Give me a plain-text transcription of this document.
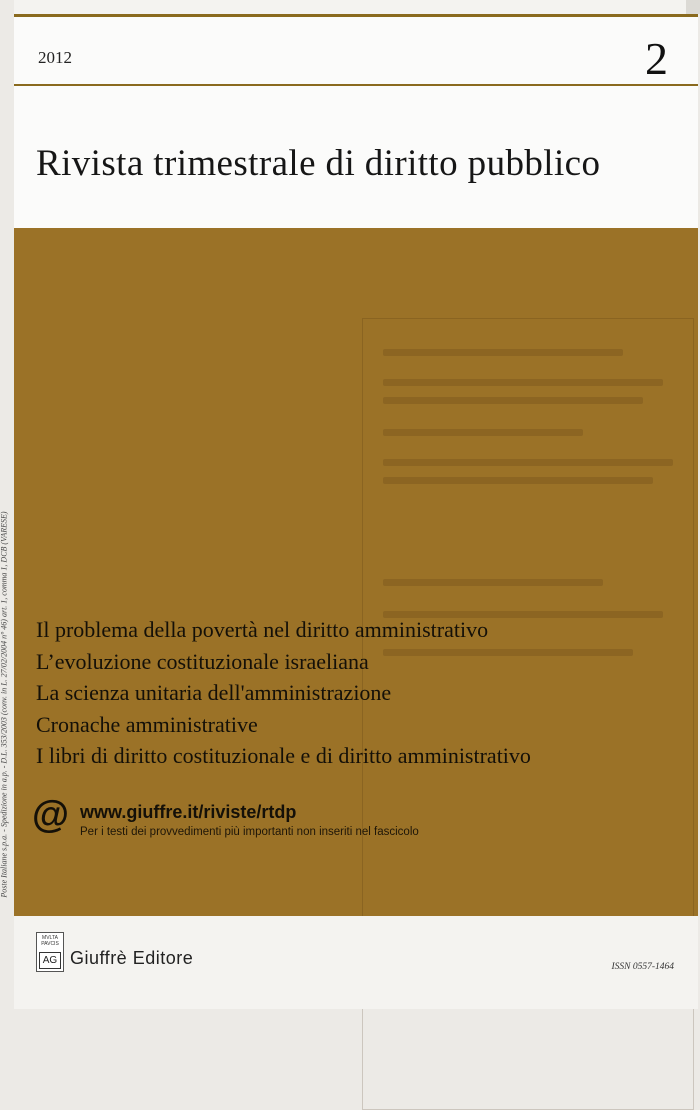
2012	2
Rivista trimestrale di diritto pubblico
Il problema della povertà nel diritto amministrativo
L’evoluzione costituzionale israeliana
La scienza unitaria dell'amministrazione
Cronache amministrative
I libri di diritto costituzionale e di diritto amministrativo
@ www.giuffre.it/riviste/rtdp
Per i testi dei provvedimenti più importanti non inseriti nel fascicolo
MVLTA
PAVCIS
AG Giuffrè Editore	ISSN 0557-1464
Poste Italiane s.p.a. - Spedizione in a.p. - D.L. 353/2003 (conv. in L. 27/02/2004 n° 46) art. 1, comma 1, DCB (VARESE)
